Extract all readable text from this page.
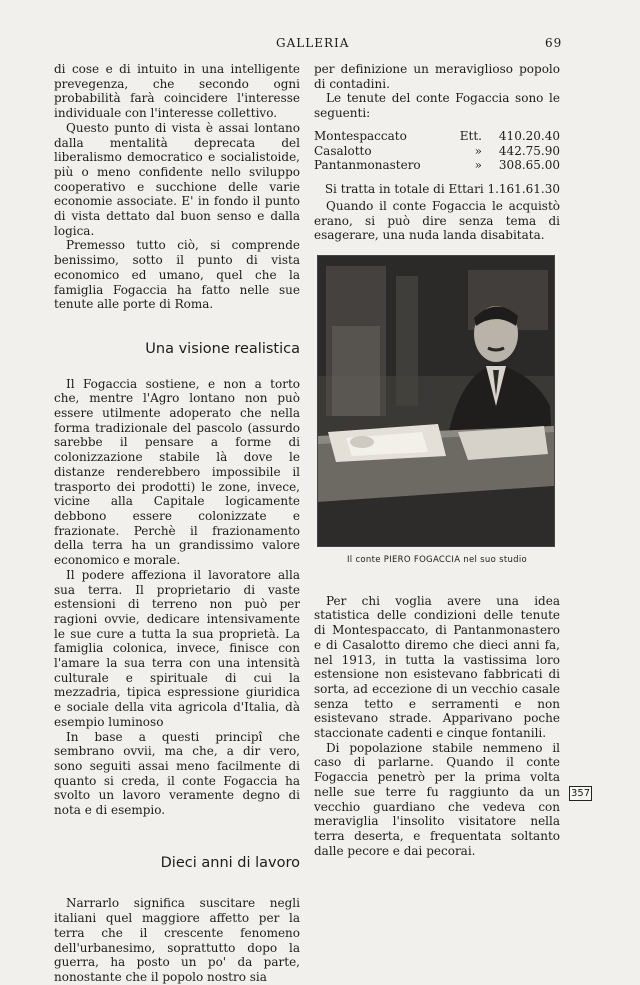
GALLERIA	69

di cose e di intuito in una intelligente prevegenza, che secondo ogni probabilità farà coincidere l'interesse individuale con l'interesse collettivo.

Questo punto di vista è assai lontano dalla mentalità deprecata del liberalismo democratico e socialistoide, più o meno confidente nello sviluppo cooperativo e succhione delle varie economie associate. E' in fondo il punto di vista dettato dal buon senso e dalla logica.

Premesso tutto ciò, si comprende benissimo, sotto il punto di vista economico ed umano, quel che la famiglia Fogaccia ha fatto nelle sue tenute alle porte di Roma.

Una visione realistica

Il Fogaccia sostiene, e non a torto che, mentre l'Agro lontano non può essere utilmente adoperato che nella forma tradizionale del pascolo (assurdo sarebbe il pensare a forme di colonizzazione stabile là dove le distanze renderebbero impossibile il trasporto dei prodotti) le zone, invece, vicine alla Capitale logicamente debbono essere colonizzate e frazionate. Perchè il frazionamento della terra ha un grandissimo valore economico e morale.

Il podere affeziona il lavoratore alla sua terra. Il proprietario di vaste estensioni di terreno non può per ragioni ovvie, dedicare intensivamente le sue cure a tutta la sua proprietà. La famiglia colonica, invece, finisce con l'amare la sua terra con una intensità culturale e spirituale di cui la mezzadria, tipica espressione giuridica e sociale della vita agricola d'Italia, dà esempio luminoso

In base a questi principî che sembrano ovvii, ma che, a dir vero, sono seguiti assai meno facilmente di quanto si creda, il conte Fogaccia ha svolto un lavoro veramente degno di nota e di esempio.

Dieci anni di lavoro

Narrarlo significa suscitare negli italiani quel maggiore affetto per la terra che il crescente fenomeno dell'urbanesimo, soprattutto dopo la guerra, ha posto un po' da parte, nonostante che il popolo nostro sia

per definizione un meraviglioso popolo di contadini.

Le tenute del conte Fogaccia sono le seguenti:

Montespaccato	Ett.	410.20.40
Casalotto	»	442.75.90
Pantanmonastero	»	308.65.00

Si tratta in totale di Ettari 1.161.61.30

Quando il conte Fogaccia le acquistò erano, si può dire senza tema di esagerare, una nuda landa disabitata.

Il conte PIERO FOGACCIA nel suo studio

Per chi voglia avere una idea statistica delle condizioni delle tenute di Montespaccato, di Pantanmonastero e di Casalotto diremo che dieci anni fa, nel 1913, in tutta la vastissima loro estensione non esistevano fabbricati di sorta, ad eccezione di un vecchio casale senza tetto e serramenti e non esistevano strade. Apparivano poche staccionate cadenti e cinque fontanili.

Di popolazione stabile nemmeno il caso di parlarne. Quando il conte Fogaccia penetrò per la prima volta nelle sue terre fu raggiunto da un vecchio guardiano che vedeva con meraviglia l'insolito visitatore nella terra deserta, e frequentata soltanto dalle pecore e dai pecorai.

357
